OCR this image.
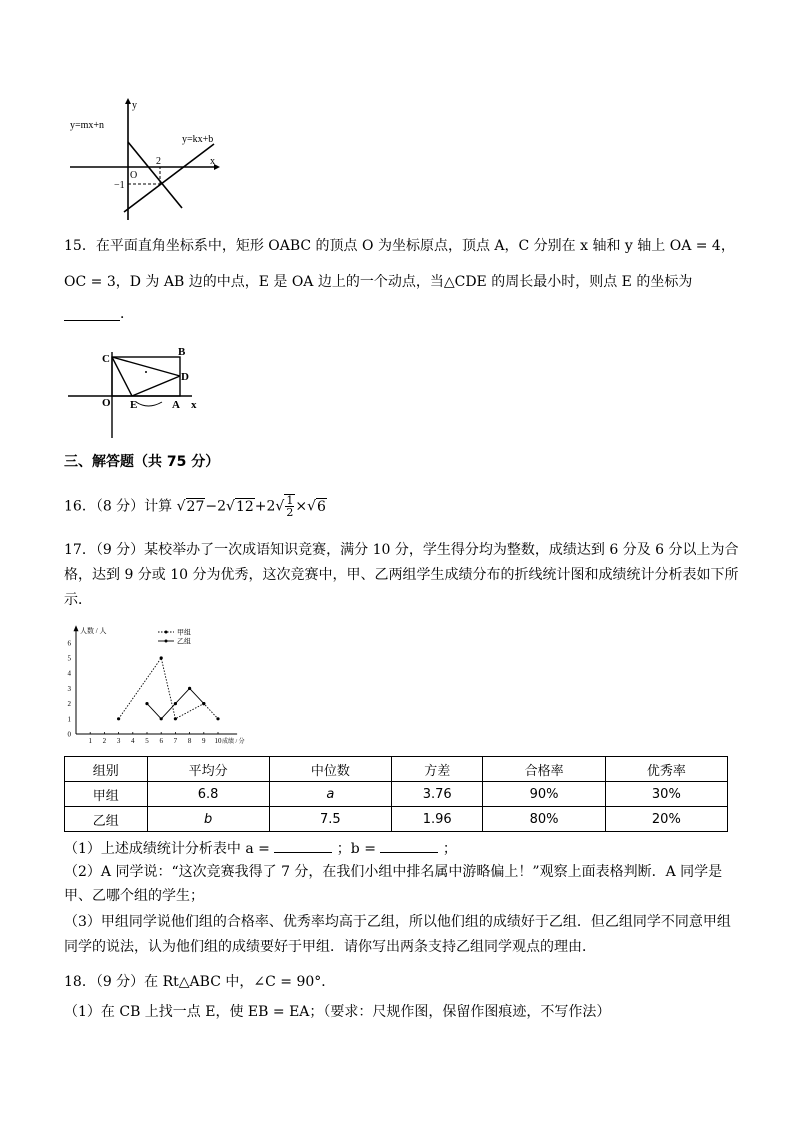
y=mx+n
y=kx+b
x
y
O
2
−1
15．在平面直角坐标系中，矩形 OABC 的顶点 O 为坐标原点，顶点 A，C 分别在 x 轴和 y 轴上 OA = 4，
OC = 3，D 为 AB 边的中点，E 是 OA 边上的一个动点，当△CDE 的周长最小时，则点 E 的坐标为
．
C
B
D
O E	A x
三、解答题（共 75 分）
16．（8 分）计算 $√27-2√12+2√ \frac{1}{2} \times√6$
17．（9 分）某校举办了一次成语知识竞赛，满分 10 分，学生得分均为整数，成绩达到 6 分及 6 分以上为合
格，达到 9 分或 10 分为优秀，这次竞赛中，甲、乙两组学生成绩分布的折线统计图和成绩统计分析表如下所
示．
1 2 3 4 5 6 7 8 9 10
0
1
2
3
4
5
6
人数 / 人
成绩 / 分
甲组
乙组
组别	平均分	中位数	方差	合格率	优秀率
甲组	6.8	a	3.76	90%	30%
乙组	b	7.5	1.96	80%	20%
（1）上述成绩统计分析表中 a =	；b =	；
（2）A 同学说：“这次竞赛我得了 7 分，在我们小组中排名属中游略偏上！”观察上面表格判断．A 同学是
甲、乙哪个组的学生；
（3）甲组同学说他们组的合格率、优秀率均高于乙组，所以他们组的成绩好于乙组．但乙组同学不同意甲组
同学的说法，认为他们组的成绩要好于甲组．请你写出两条支持乙组同学观点的理由．
18．（9 分）在 Rt△ABC 中，∠C = 90°．
（1）在 CB 上找一点 E，使 EB = EA；（要求：尺规作图，保留作图痕迹，不写作法）
